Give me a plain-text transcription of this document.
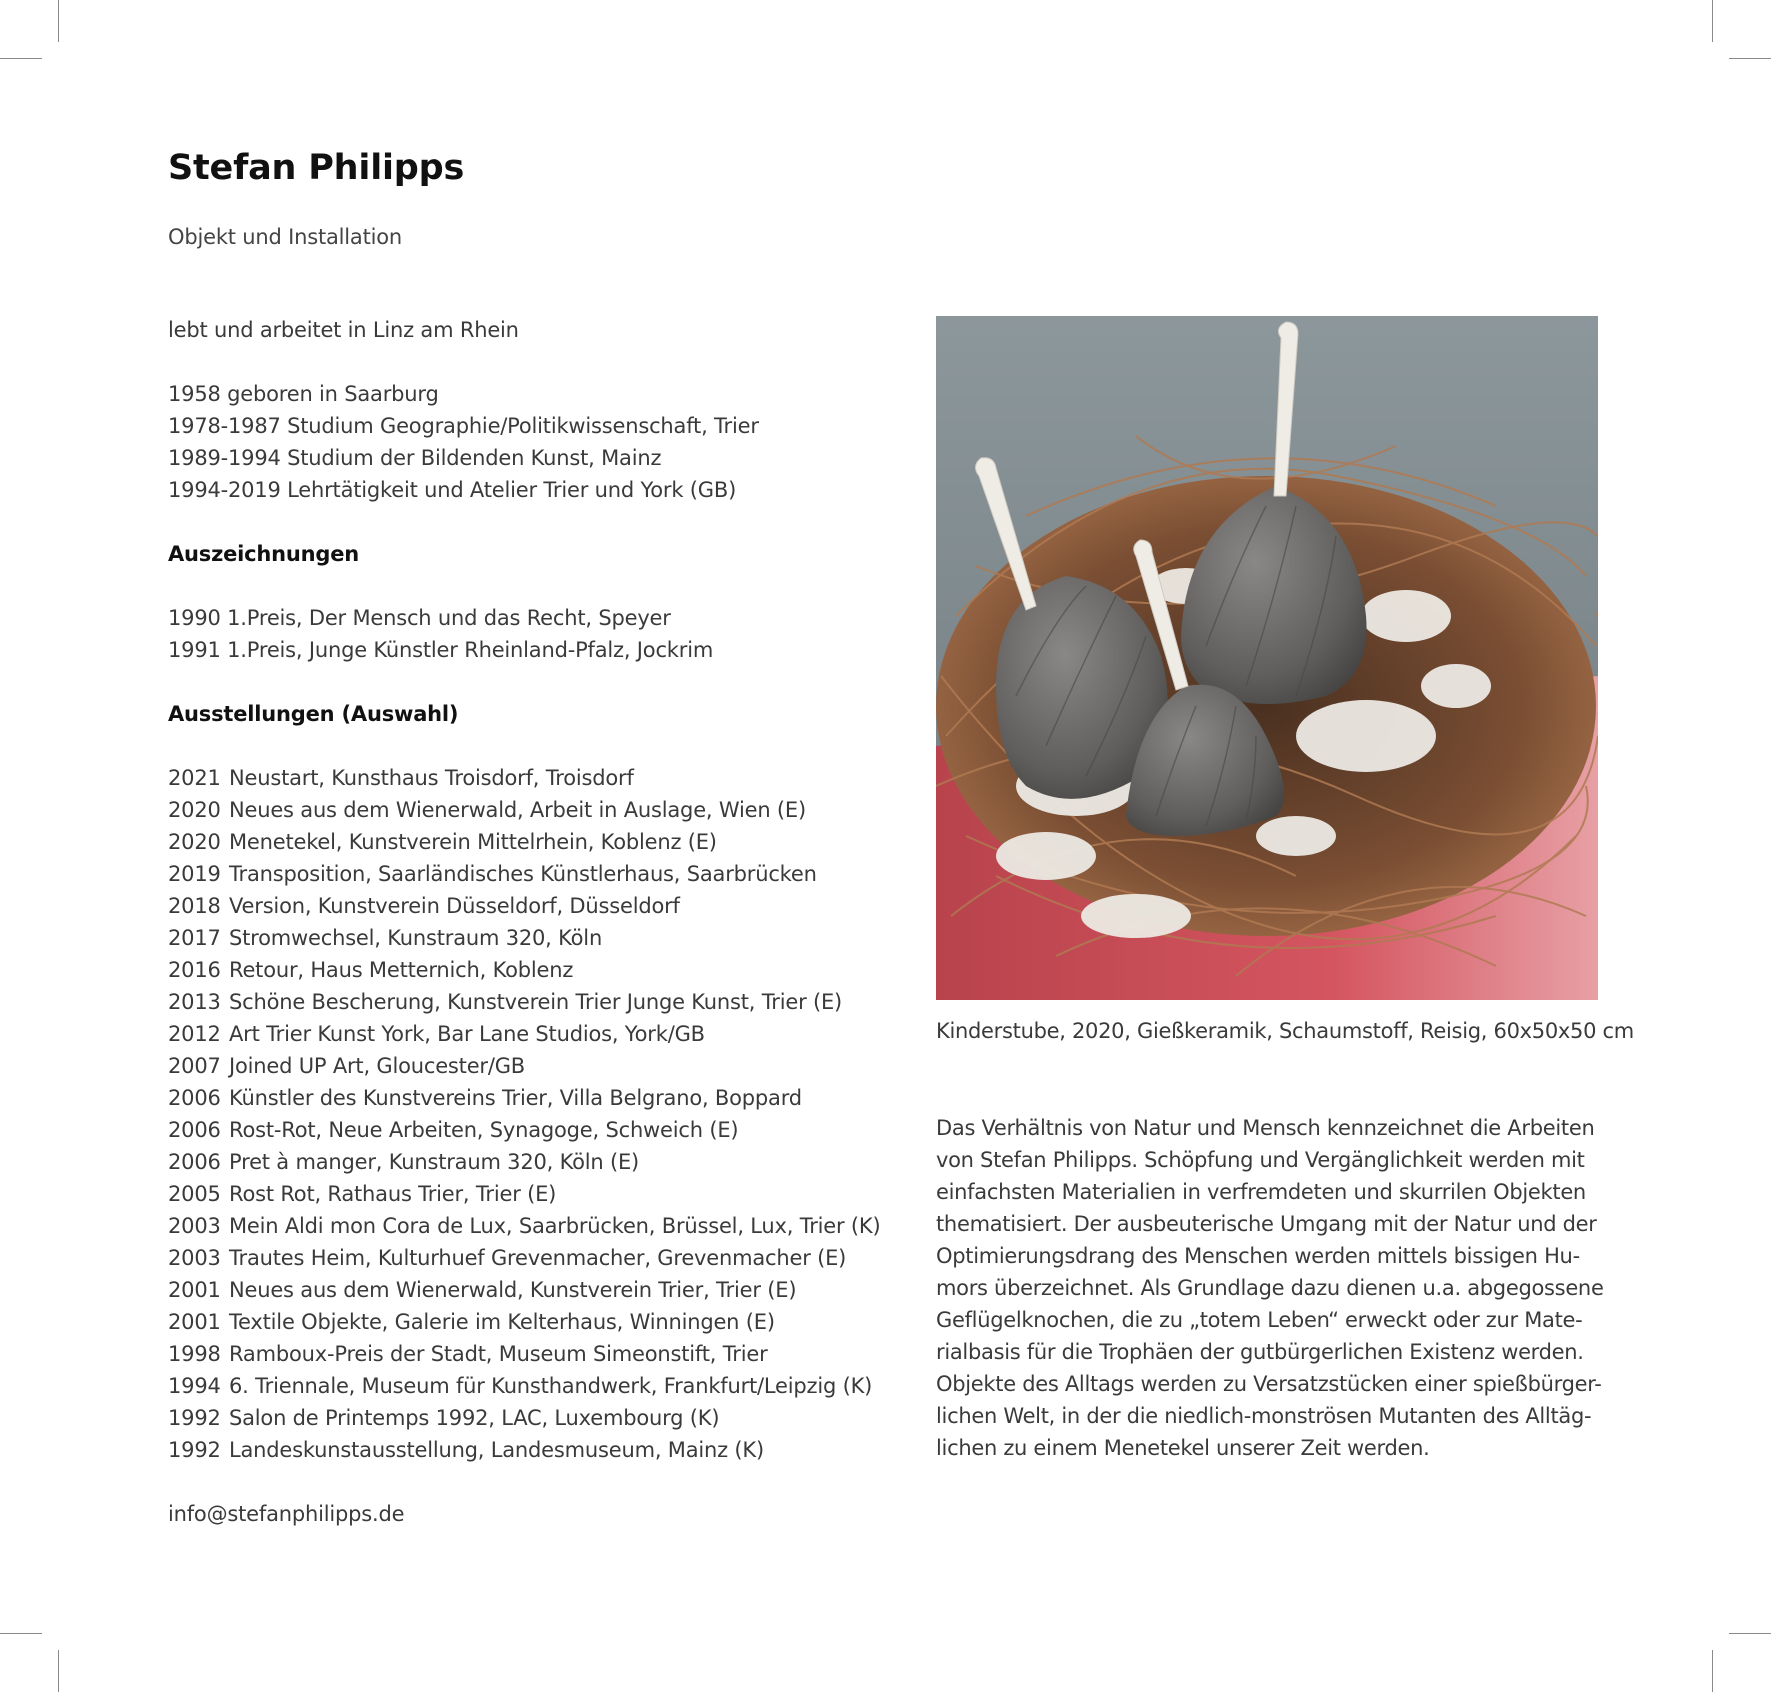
Stefan Philipps
Objekt und Installation
lebt und arbeitet in Linz am Rhein
1958 geboren in Saarburg
1978-1987 Studium Geographie/Politikwissenschaft, Trier
1989-1994 Studium der Bildenden Kunst, Mainz
1994-2019 Lehrtätigkeit und Atelier Trier und York (GB)
Auszeichnungen
1990 1.Preis, Der Mensch und das Recht, Speyer
1991 1.Preis, Junge Künstler Rheinland-Pfalz, Jockrim
Ausstellungen (Auswahl)
2021 Neustart, Kunsthaus Troisdorf, Troisdorf
2020 Neues aus dem Wienerwald, Arbeit in Auslage, Wien (E)
2020 Menetekel, Kunstverein Mittelrhein, Koblenz (E)
2019 Transposition, Saarländisches Künstlerhaus, Saarbrücken
2018 Version, Kunstverein Düsseldorf, Düsseldorf
2017 Stromwechsel, Kunstraum 320, Köln
2016 Retour, Haus Metternich, Koblenz
2013 Schöne Bescherung, Kunstverein Trier Junge Kunst, Trier (E)
2012 Art Trier Kunst York, Bar Lane Studios, York/GB
2007 Joined UP Art, Gloucester/GB
2006 Künstler des Kunstvereins Trier, Villa Belgrano, Boppard
2006 Rost-Rot, Neue Arbeiten, Synagoge, Schweich (E)
2006 Pret à manger, Kunstraum 320, Köln (E)
2005 Rost Rot, Rathaus Trier, Trier (E)
2003 Mein Aldi mon Cora de Lux, Saarbrücken, Brüssel, Lux, Trier (K)
2003 Trautes Heim, Kulturhuef Grevenmacher, Grevenmacher (E)
2001 Neues aus dem Wienerwald, Kunstverein Trier, Trier (E)
2001 Textile Objekte, Galerie im Kelterhaus, Winningen (E)
1998 Ramboux-Preis der Stadt, Museum Simeonstift, Trier
1994 6. Triennale, Museum für Kunsthandwerk, Frankfurt/Leipzig (K)
1992 Salon de Printemps 1992, LAC, Luxembourg (K)
1992 Landeskunstausstellung, Landesmuseum, Mainz (K)
info@stefanphilipps.de
Kinderstube, 2020, Gießkeramik, Schaumstoff, Reisig, 60x50x50 cm
Das Verhältnis von Natur und Mensch kennzeichnet die Arbeiten
von Stefan Philipps. Schöpfung und Vergänglichkeit werden mit
einfachsten Materialien in verfremdeten und skurrilen Objekten
thematisiert. Der ausbeuterische Umgang mit der Natur und der
Optimierungsdrang des Menschen werden mittels bissigen Hu-
mors überzeichnet. Als Grundlage dazu dienen u.a. abgegossene
Geflügelknochen, die zu „totem Leben“ erweckt oder zur Mate-
rialbasis für die Trophäen der gutbürgerlichen Existenz werden.
Objekte des Alltags werden zu Versatzstücken einer spießbürger-
lichen Welt, in der die niedlich-monströsen Mutanten des Alltäg-
lichen zu einem Menetekel unserer Zeit werden.
